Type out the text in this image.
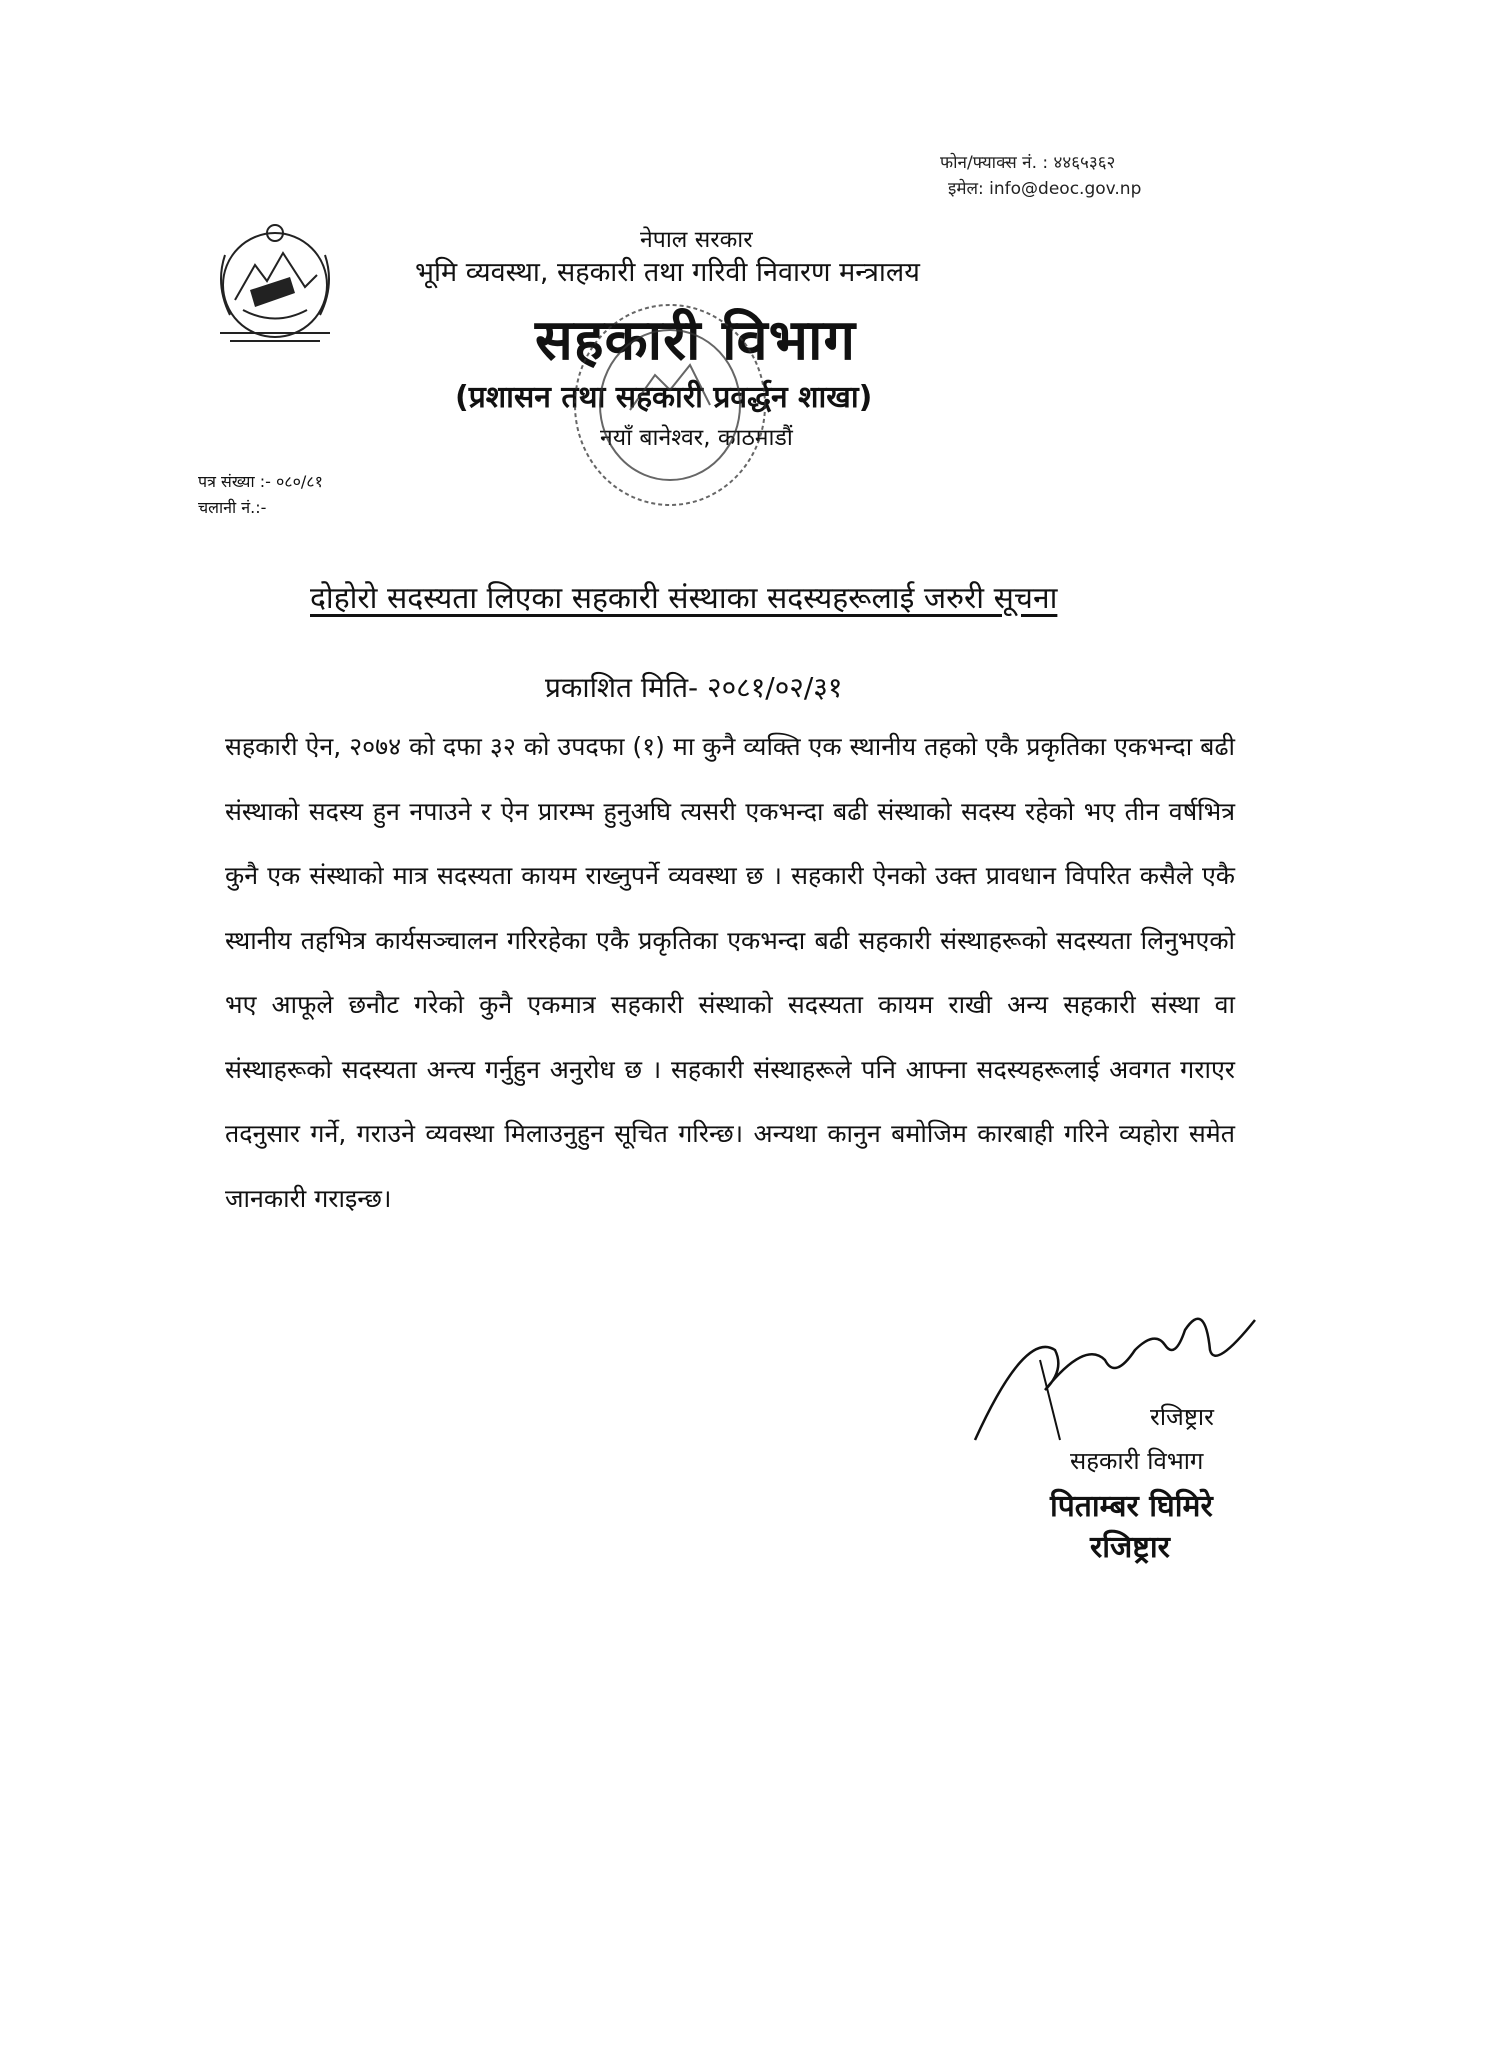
फोन/फ्याक्स नं. : ४४६५३६२
इमेल: info@deoc.gov.np
नेपाल सरकार
भूमि व्यवस्था, सहकारी तथा गरिवी निवारण मन्त्रालय
सहकारी विभाग
(प्रशासन तथा सहकारी प्रवर्द्धन शाखा)
नयाँ बानेश्वर, काठमाडौं
पत्र संख्या :- ०८०/८१
चलानी नं.:-
दोहोरो सदस्यता लिएका सहकारी संस्थाका सदस्यहरूलाई जरुरी सूचना
प्रकाशित मिति- २०८१/०२/३१
सहकारी ऐन, २०७४ को दफा ३२ को उपदफा (१) मा कुनै व्यक्ति एक स्थानीय तहको एकै प्रकृतिका एकभन्दा बढी संस्थाको सदस्य हुन नपाउने र ऐन प्रारम्भ हुनुअघि त्यसरी एकभन्दा बढी संस्थाको सदस्य रहेको भए तीन वर्षभित्र कुनै एक संस्थाको मात्र सदस्यता कायम राख्नुपर्ने व्यवस्था छ । सहकारी ऐनको उक्त प्रावधान विपरित कसैले एकै स्थानीय तहभित्र कार्यसञ्चालन गरिरहेका एकै प्रकृतिका एकभन्दा बढी सहकारी संस्थाहरूको सदस्यता लिनुभएको भए आफूले छनौट गरेको कुनै एकमात्र सहकारी संस्थाको सदस्यता कायम राखी अन्य सहकारी संस्था वा संस्थाहरूको सदस्यता अन्त्य गर्नुहुन अनुरोध छ । सहकारी संस्थाहरूले पनि आफ्ना सदस्यहरूलाई अवगत गराएर तदनुसार गर्ने, गराउने व्यवस्था मिलाउनुहुन सूचित गरिन्छ। अन्यथा कानुन बमोजिम कारबाही गरिने व्यहोरा समेत जानकारी गराइन्छ।
रजिष्ट्रार
सहकारी विभाग
पिताम्बर घिमिरे
रजिष्ट्रार
